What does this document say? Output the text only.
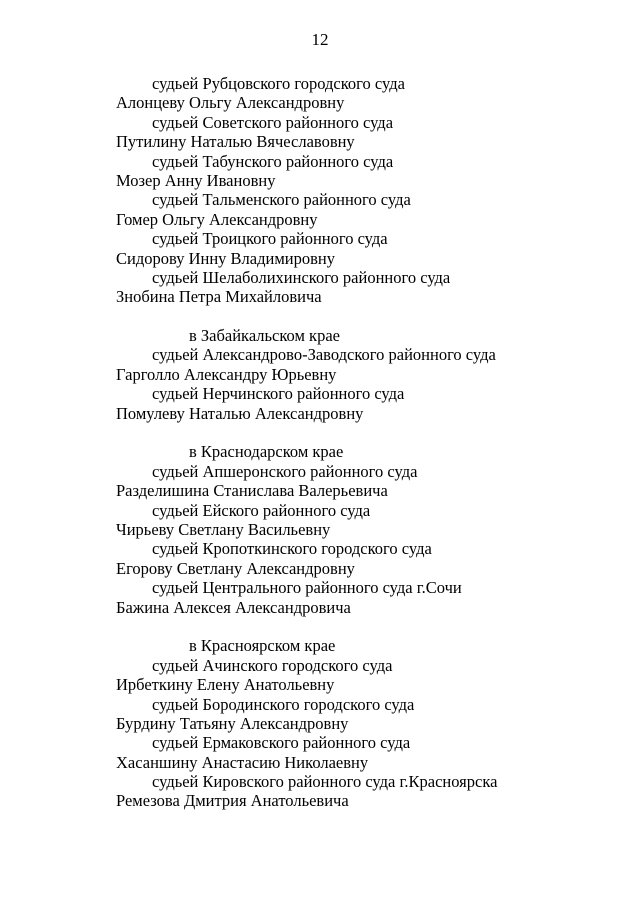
12
судьей Рубцовского городского суда
Алонцеву Ольгу Александровну
судьей Советского районного суда
Путилину Наталью Вячеславовну
судьей Табунского районного суда
Мозер Анну Ивановну
судьей Тальменского районного суда
Гомер Ольгу Александровну
судьей Троицкого районного суда
Сидорову Инну Владимировну
судьей Шелаболихинского районного суда
Знобина Петра Михайловича
в Забайкальском крае
судьей Александрово-Заводского районного суда
Гарголло Александру Юрьевну
судьей Нерчинского районного суда
Помулеву Наталью Александровну
в Краснодарском крае
судьей Апшеронского районного суда
Разделишина Станислава Валерьевича
судьей Ейского районного суда
Чирьеву Светлану Васильевну
судьей Кропоткинского городского суда
Егорову Светлану Александровну
судьей Центрального районного суда г.Сочи
Бажина Алексея Александровича
в Красноярском крае
судьей Ачинского городского суда
Ирбеткину Елену Анатольевну
судьей Бородинского городского суда
Бурдину Татьяну Александровну
судьей Ермаковского районного суда
Хасаншину Анастасию Николаевну
судьей Кировского районного суда г.Красноярска
Ремезова Дмитрия Анатольевича
